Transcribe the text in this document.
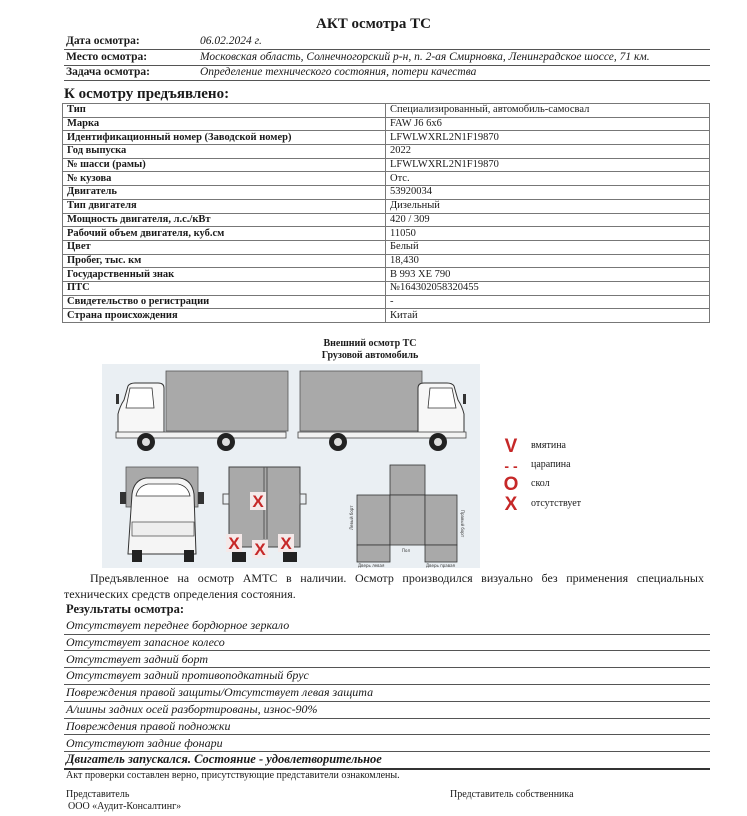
АКТ осмотра ТС
Дата осмотра:	06.02.2024 г.
Место осмотра:	Московская область, Солнечногорский р-н, п. 2-ая Смирновка, Ленинградское шоссе, 71 км.
Задача осмотра:	Определение технического состояния, потери качества
К осмотру предъявлено:
Тип	Специализированный, автомобиль-самосвал
Марка	FAW J6 6x6
Идентификационный номер (Заводской номер)	LFWLWXRL2N1F19870
Год выпуска	2022
№ шасси (рамы)	LFWLWXRL2N1F19870
№ кузова	Отс.
Двигатель	53920034
Тип двигателя	Дизельный
Мощность двигателя, л.с./кВт	420 / 309
Рабочий объем двигателя, куб.см	11050
Цвет	Белый
Пробег, тыс. км	18,430
Государственный знак	В 993 ХЕ 790
ПТС	№164302058320455
Свидетельство о регистрации	-
Страна происхождения	Китай
Внешний осмотр ТС
Грузовой автомобиль
X
X X X
Левый борт	Правый борт
Пол
Дверь левая	Дверь правая
V вмятина
- - царапина
O скол
X отсутствует
Предъявленное на осмотр АМТС в наличии. Осмотр производился визуально без применения специальных технических средств определения состояния.
Результаты осмотра:
Отсутствует переднее бордюрное зеркало
Отсутствует запасное колесо
Отсутствует задний борт
Отсутствует задний противоподкатный брус
Повреждения правой защиты/Отсутствует левая защита
А/шины задних осей разбортированы, износ-90%
Повреждения правой подножки
Отсутствуют задние фонари
Двигатель запускался. Состояние - удовлетворительное
Акт проверки составлен верно, присутствующие представители ознакомлены.
Представитель
ООО «Аудит-Консалтинг»
Представитель собственника
